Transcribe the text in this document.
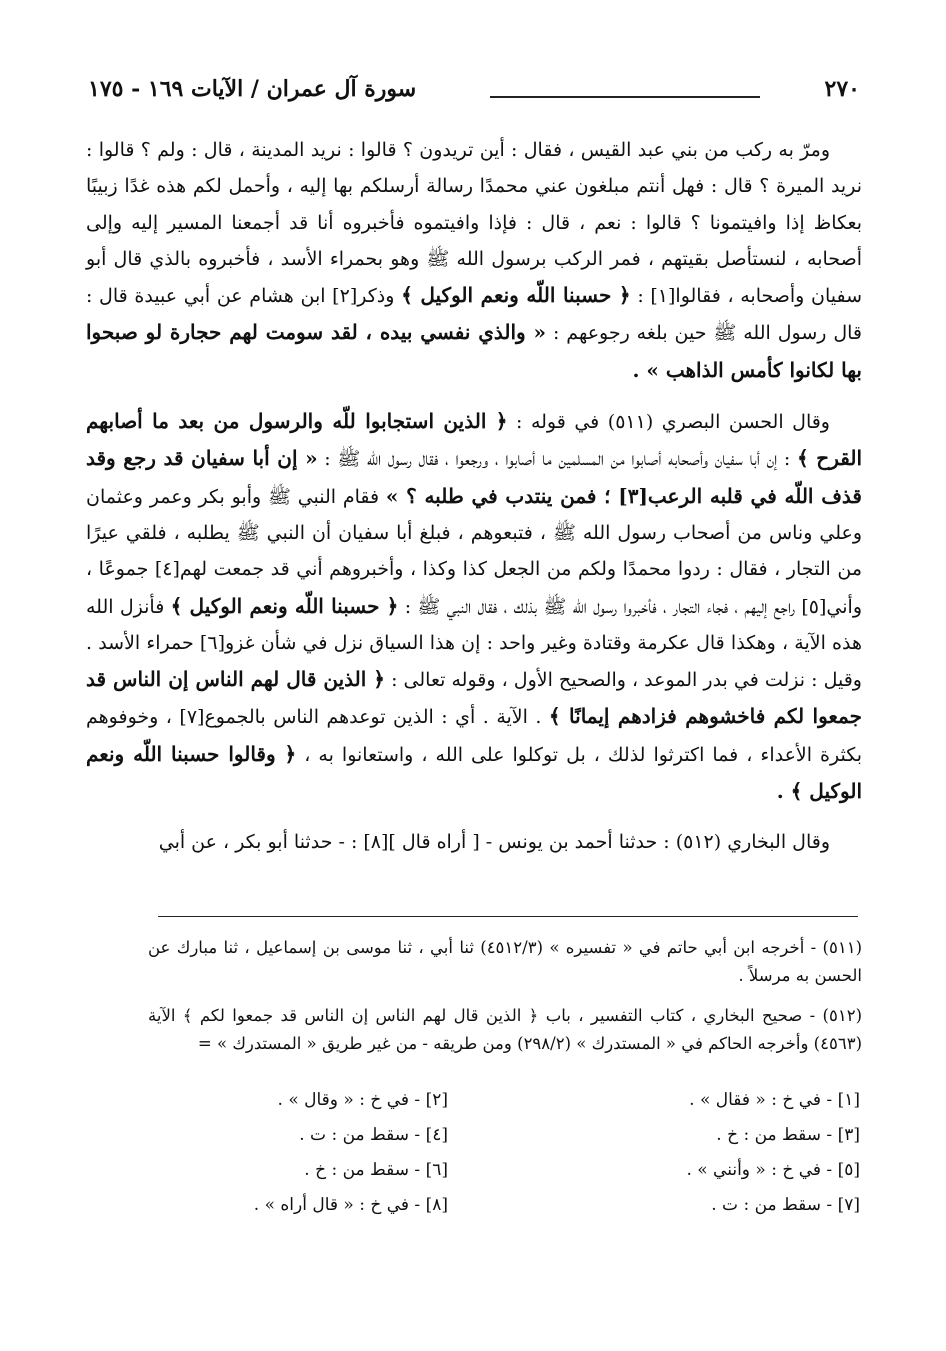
٢٧٠
سورة آل عمران / الآيات ١٦٩ - ١٧٥

ومرّ به ركب من بني عبد القيس ، فقال : أين تريدون ؟ قالوا : نريد المدينة ، قال : ولم ؟ قالوا : نريد الميرة ؟ قال : فهل أنتم مبلغون عني محمدًا رسالة أرسلكم بها إليه ، وأحمل لكم هذه غدًا زبيبًا بعكاظ إذا وافيتمونا ؟ قالوا : نعم ، قال : فإذا وافيتموه فأخبروه أنا قد أجمعنا المسير إليه وإلى أصحابه ، لنستأصل بقيتهم ، فمر الركب برسول الله ﷺ وهو بحمراء الأسد ، فأخبروه بالذي قال أبو سفيان وأصحابه ، فقالوا[١] : ﴿ حسبنا اللّه ونعم الوكيل ﴾ وذكر[٢] ابن هشام عن أبي عبيدة قال : قال رسول الله ﷺ حين بلغه رجوعهم : « والذي نفسي بيده ، لقد سومت لهم حجارة لو صبحوا بها لكانوا كأمس الذاهب » .

وقال الحسن البصري (٥١١) في قوله : ﴿ الذين استجابوا للّه والرسول من بعد ما أصابهم القرح ﴾ : إن أبا سفيان وأصحابه أصابوا من المسلمين ما أصابوا ، ورجعوا ، فقال رسول الله ﷺ : « إن أبا سفيان قد رجع وقد قذف اللّه في قلبه الرعب[٣] ؛ فمن ينتدب في طلبه ؟ » فقام النبي ﷺ وأبو بكر وعمر وعثمان وعلي وناس من أصحاب رسول الله ﷺ ، فتبعوهم ، فبلغ أبا سفيان أن النبي ﷺ يطلبه ، فلقي عيرًا من التجار ، فقال : ردوا محمدًا ولكم من الجعل كذا وكذا ، وأخبروهم أني قد جمعت لهم[٤] جموعًا ، وأني[٥] راجع إليهم ، فجاء التجار ، فأخبروا رسول الله ﷺ بذلك ، فقال النبي ﷺ : ﴿ حسبنا اللّه ونعم الوكيل ﴾ فأنزل الله هذه الآية ، وهكذا قال عكرمة وقتادة وغير واحد : إن هذا السياق نزل في شأن غزو[٦] حمراء الأسد . وقيل : نزلت في بدر الموعد ، والصحيح الأول ، وقوله تعالى : ﴿ الذين قال لهم الناس إن الناس قد جمعوا لكم فاخشوهم فزادهم إيمانًا ﴾ . الآية . أي : الذين توعدهم الناس بالجموع[٧] ، وخوفوهم بكثرة الأعداء ، فما اكترثوا لذلك ، بل توكلوا على الله ، واستعانوا به ، ﴿ وقالوا حسبنا اللّه ونعم الوكيل ﴾ .

وقال البخاري (٥١٢) : حدثنا أحمد بن يونس - [ أراه قال ][٨] : - حدثنا أبو بكر ، عن أبي

(٥١١) - أخرجه ابن أبي حاتم في « تفسيره » (٤٥١٢/٣) ثنا أبي ، ثنا موسى بن إسماعيل ، ثنا مبارك عن الحسن به مرسلاً .

(٥١٢) - صحيح البخاري ، كتاب التفسير ، باب ﴿ الذين قال لهم الناس إن الناس قد جمعوا لكم ﴾ الآية (٤٥٦٣) وأخرجه الحاكم في « المستدرك » (٢٩٨/٢) ومن طريقه - من غير طريق « المستدرك » =

[١] - في خ : « فقال » .
[٢] - في خ : « وقال » .
[٣] - سقط من : خ .
[٤] - سقط من : ت .
[٥] - في خ : « وأنني » .
[٦] - سقط من : خ .
[٧] - سقط من : ت .
[٨] - في خ : « قال أراه » .
